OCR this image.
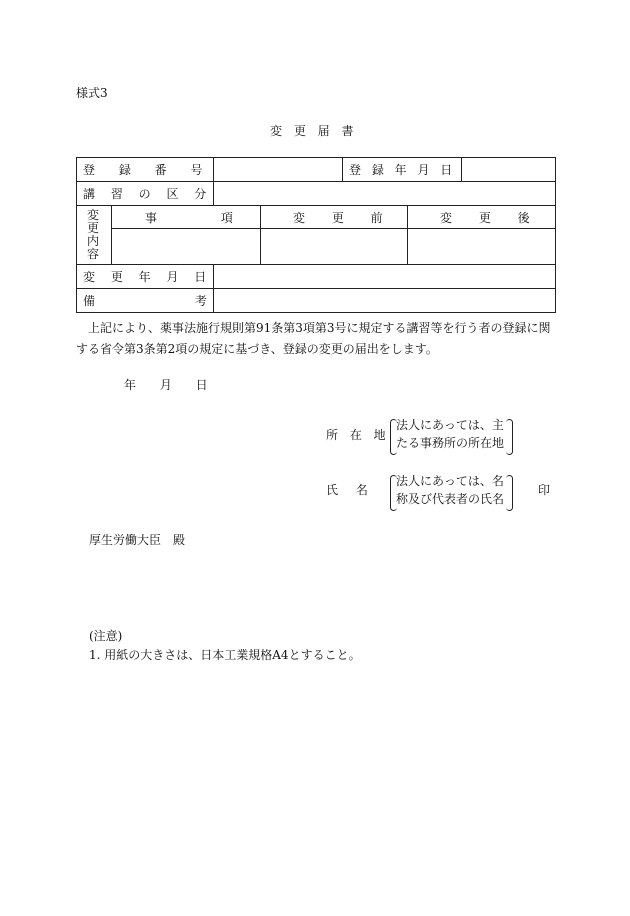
様式3
変 更 届 書
登 録 番 号	登 録 年 月 日
講 習 の 区 分
変更内容
事 項	変 更 前	変 更 後
変 更 年 月 日
備 考
上記により、薬事法施行規則第91条第3項第3号に規定する講習等を行う者の登録に関する省令第3条第2項の規定に基づき、登録の変更の届出をします。
年 月 日
所 在 地
法人にあっては、主
たる事務所の所在地
氏 名
法人にあっては、名
称及び代表者の氏名
印
厚生労働大臣　殿
(注意)
1. 用紙の大きさは、日本工業規格A4とすること。
